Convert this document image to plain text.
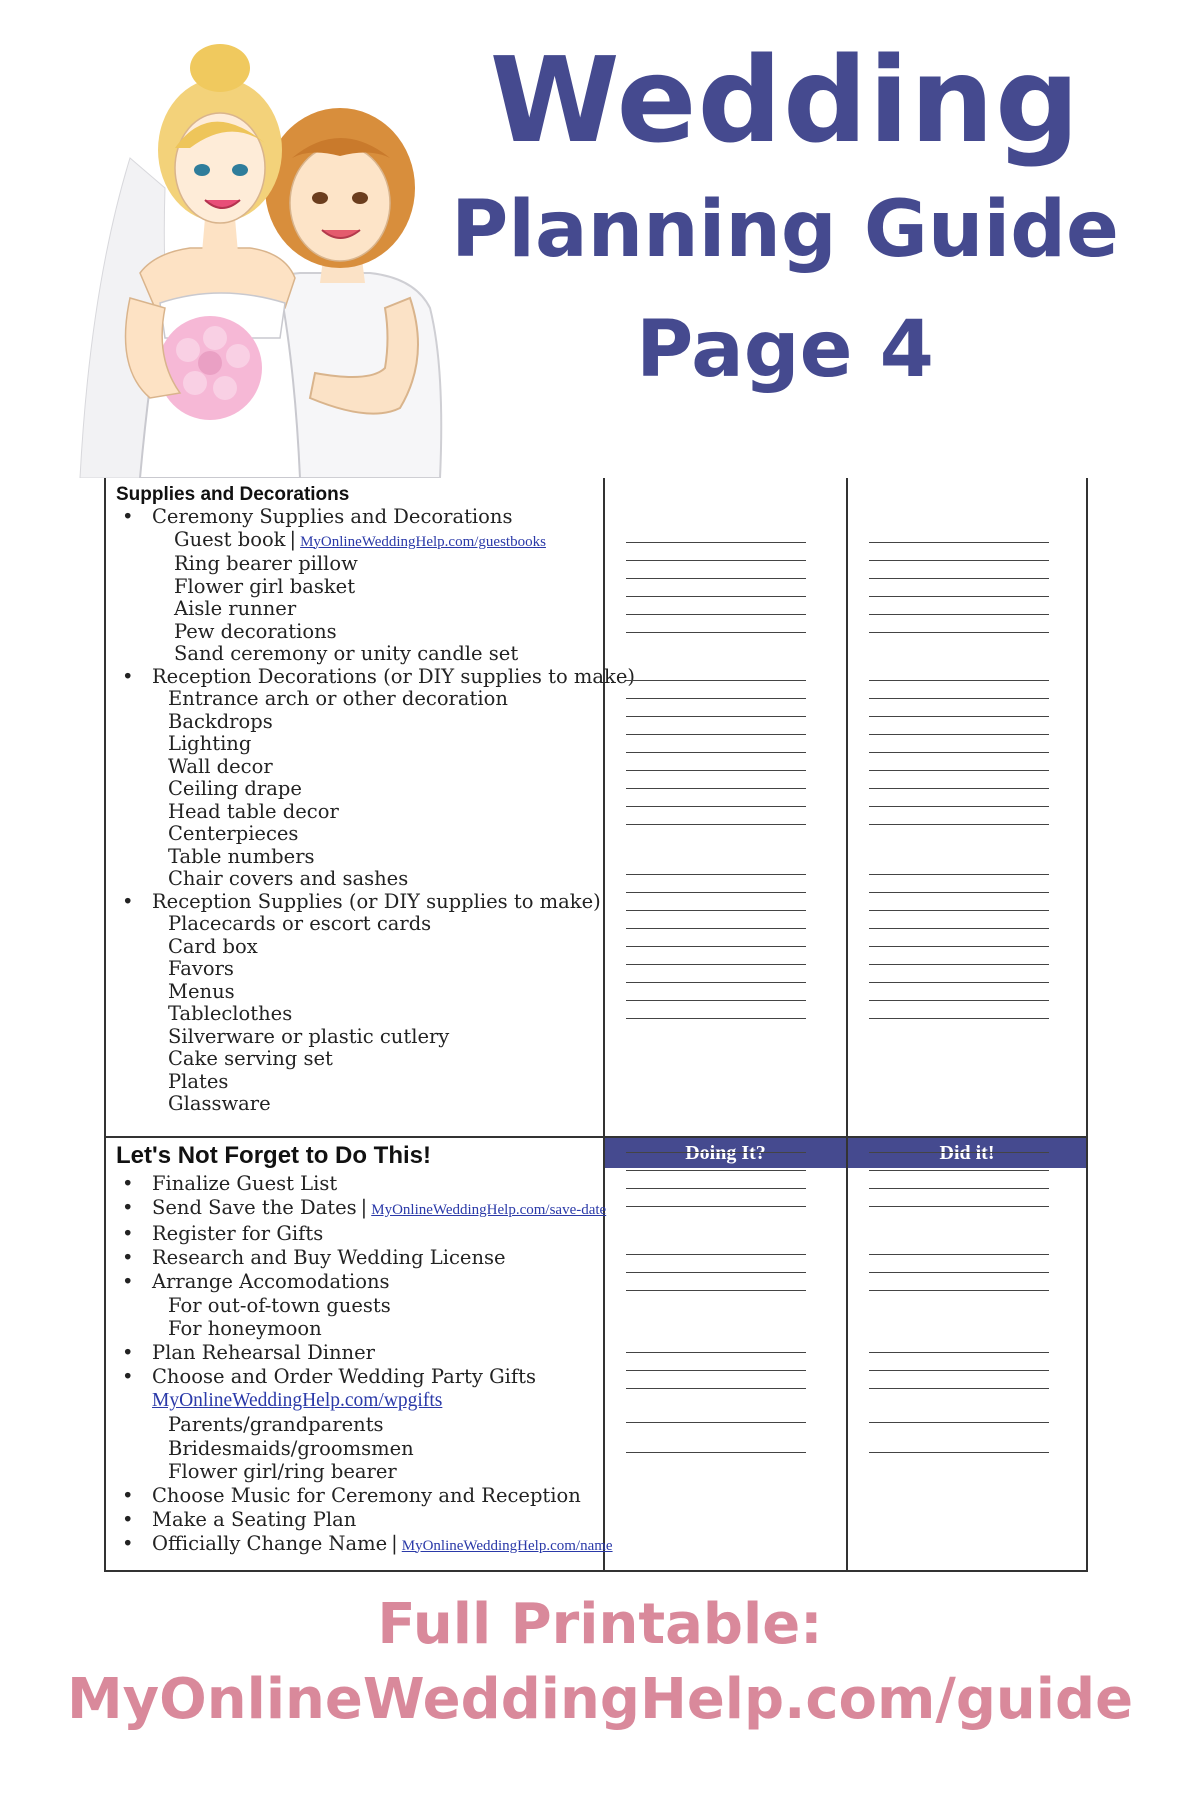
Wedding
Planning Guide
Page 4
Supplies and Decorations
• Ceremony Supplies and Decorations
Guest book | MyOnlineWeddingHelp.com/guestbooks
Ring bearer pillow
Flower girl basket
Aisle runner
Pew decorations
Sand ceremony or unity candle set
• Reception Decorations (or DIY supplies to make)
Entrance arch or other decoration
Backdrops
Lighting
Wall decor
Ceiling drape
Head table decor
Centerpieces
Table numbers
Chair covers and sashes
• Reception Supplies (or DIY supplies to make)
Placecards or escort cards
Card box
Favors
Menus
Tableclothes
Silverware or plastic cutlery
Cake serving set
Plates
Glassware
Let's Not Forget to Do This!	Doing It?	Did it!
• Finalize Guest List
• Send Save the Dates | MyOnlineWeddingHelp.com/save-date
• Register for Gifts
• Research and Buy Wedding License
• Arrange Accomodations
For out-of-town guests
For honeymoon
• Plan Rehearsal Dinner
• Choose and Order Wedding Party Gifts
MyOnlineWeddingHelp.com/wpgifts
Parents/grandparents
Bridesmaids/groomsmen
Flower girl/ring bearer
• Choose Music for Ceremony and Reception
• Make a Seating Plan
• Officially Change Name | MyOnlineWeddingHelp.com/name
Full Printable:
MyOnlineWeddingHelp.com/guide
